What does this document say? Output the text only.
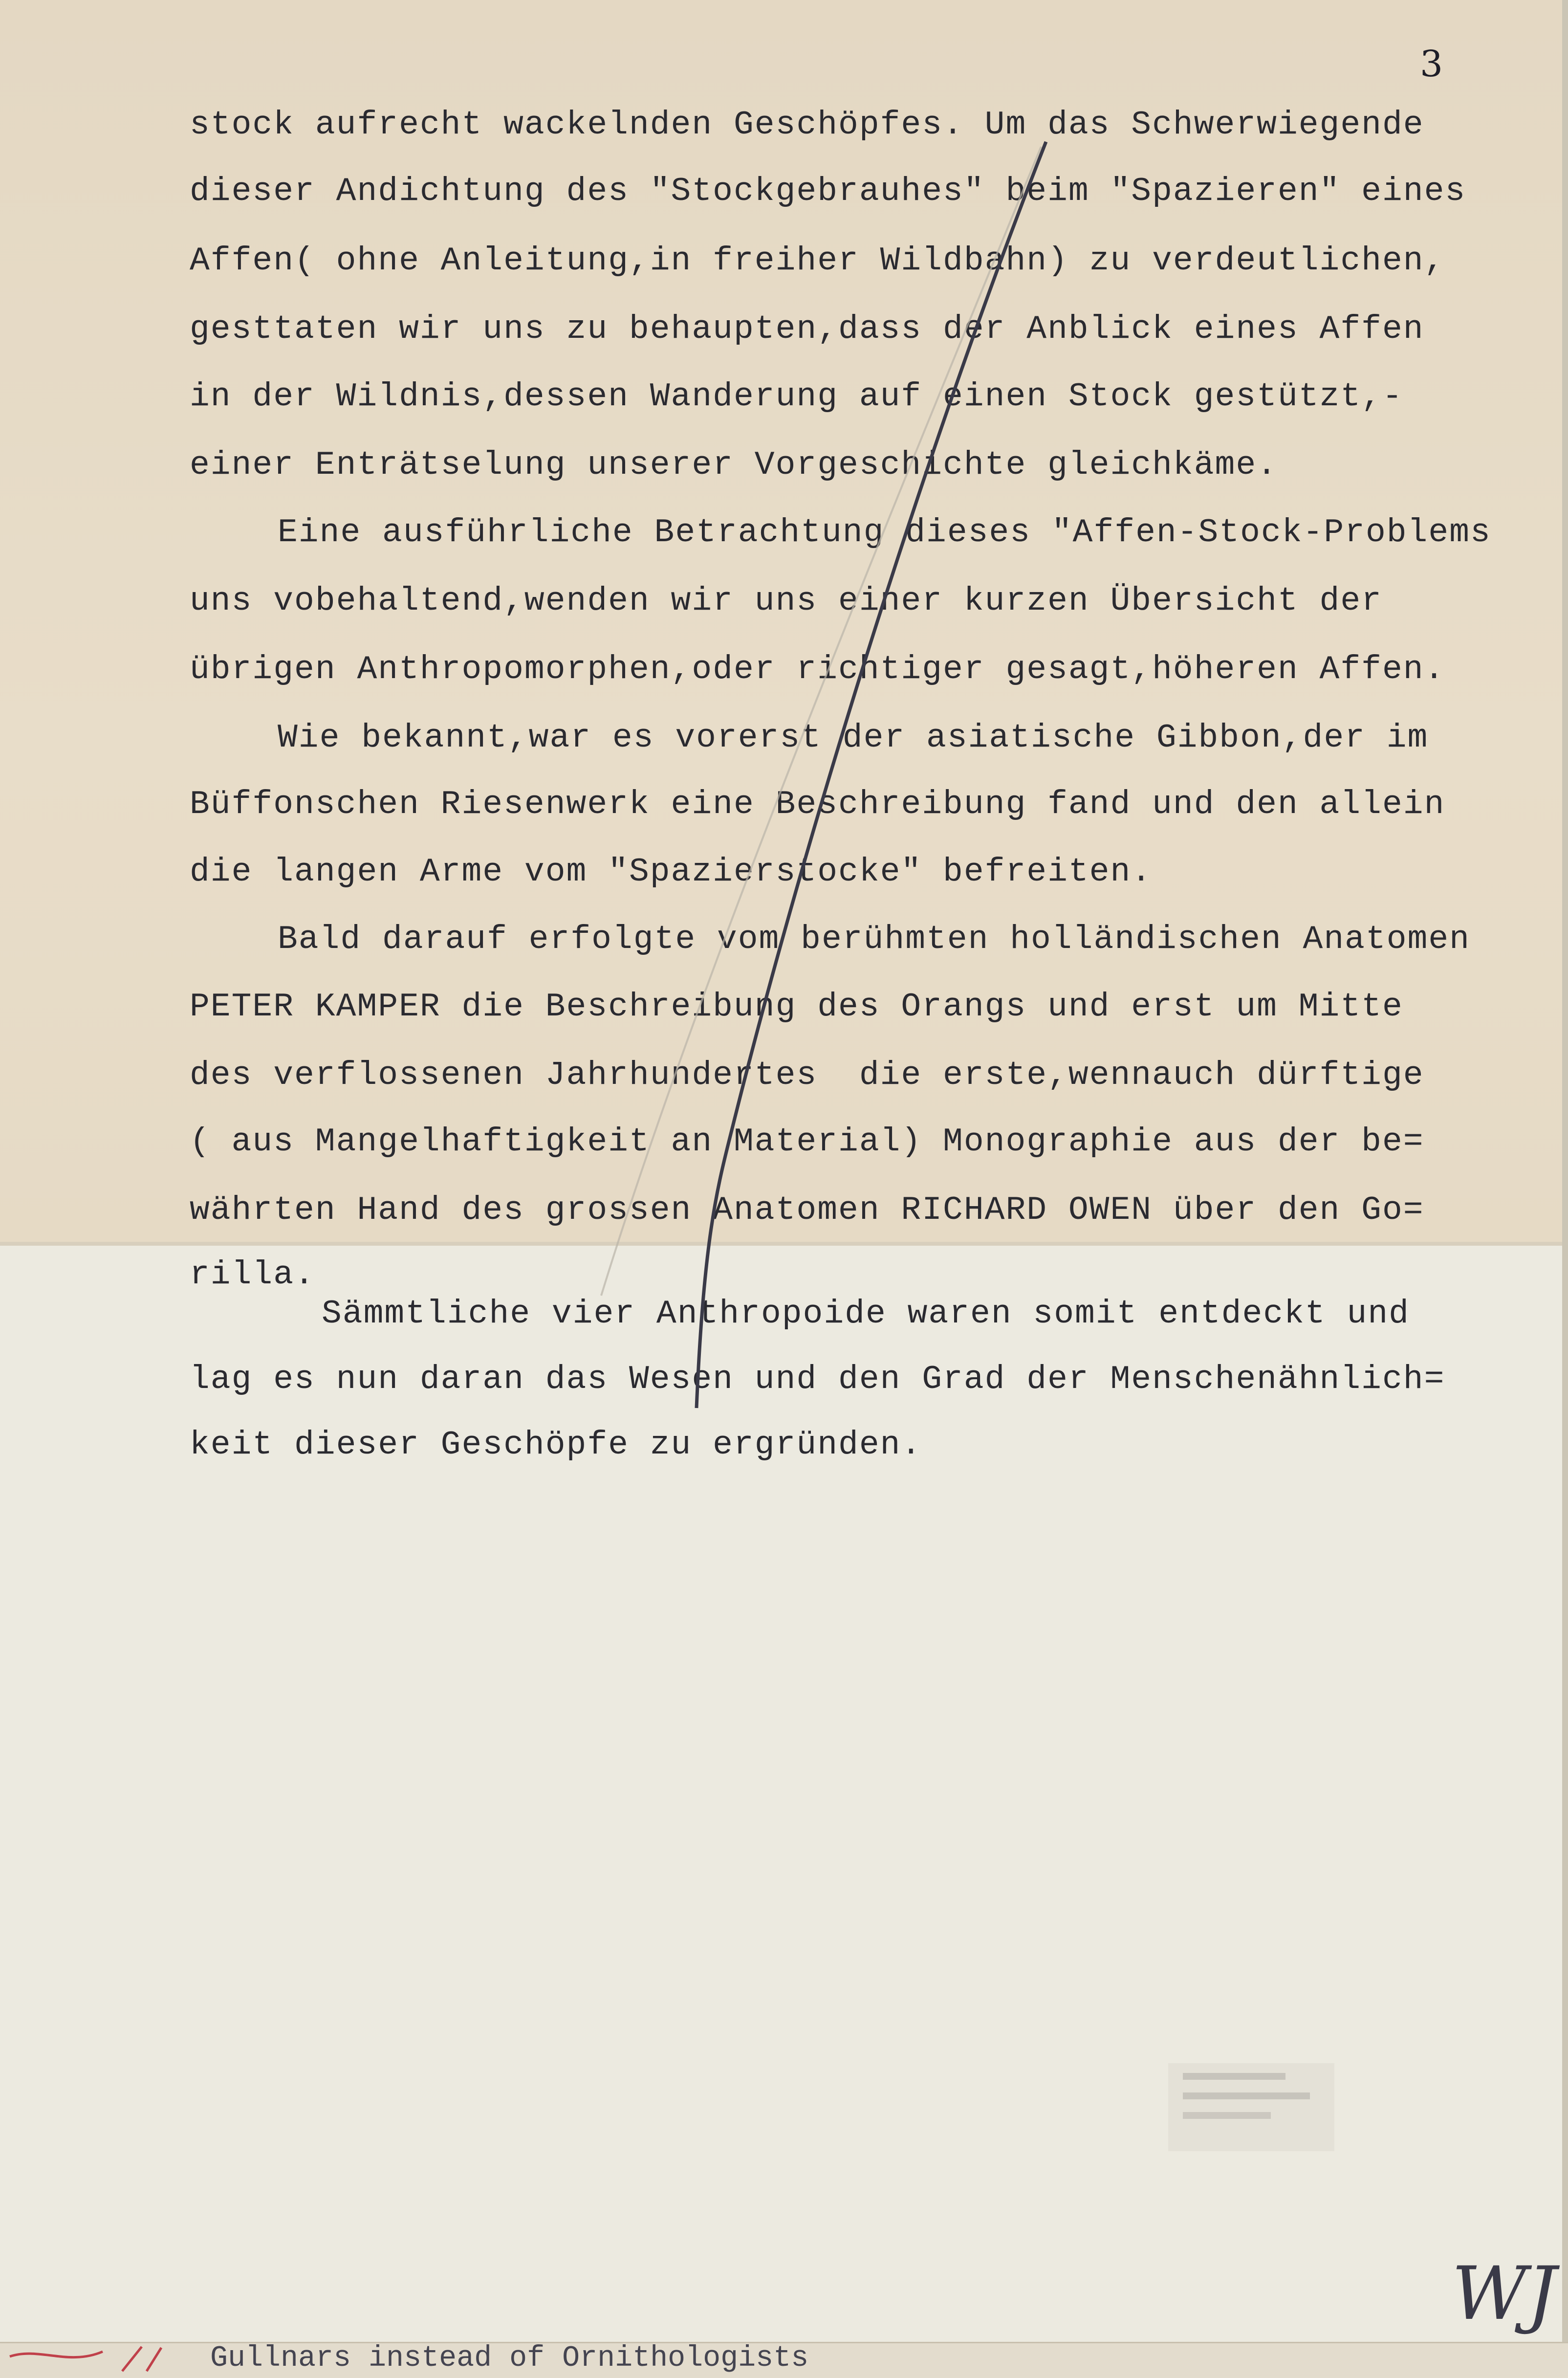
3
stock aufrecht wackelnden Geschöpfes. Um das Schwerwiegende
dieser Andichtung des "Stockgebrauhes" beim "Spazieren" eines
Affen( ohne Anleitung,in freiher Wildbahn) zu verdeutlichen,
gesttaten wir uns zu behaupten,dass der Anblick eines Affen
in der Wildnis,dessen Wanderung auf einen Stock gestützt,-
einer Enträtselung unserer Vorgeschichte gleichkäme.
Eine ausführliche Betrachtung dieses "Affen-Stock-Problems
uns vobehaltend,wenden wir uns einer kurzen Übersicht der
übrigen Anthropomorphen,oder richtiger gesagt,höheren Affen.
Wie bekannt,war es vorerst der asiatische Gibbon,der im
Büffonschen Riesenwerk eine Beschreibung fand und den allein
die langen Arme vom "Spazierstocke" befreiten.
Bald darauf erfolgte vom berühmten holländischen Anatomen
PETER KAMPER die Beschreibung des Orangs und erst um Mitte
des verflossenen Jahrhundertes  die erste,wennauch dürftige
( aus Mangelhaftigkeit an Material) Monographie aus der be=
währten Hand des grossen Anatomen RICHARD OWEN über den Go=
rilla.
Sämmtliche vier Anthropoide waren somit entdeckt und
lag es nun daran das Wesen und den Grad der Menschenähnlich=
keit dieser Geschöpfe zu ergründen.
WJ
Gullnars instead of Ornithologists
